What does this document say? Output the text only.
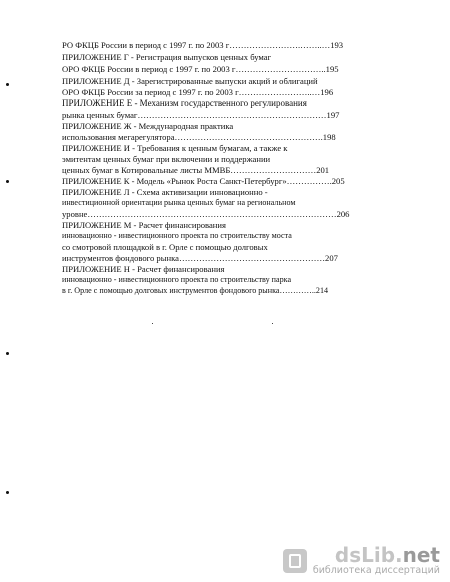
РО ФКЦБ России в период с 1997 г. по 2003 г…………………….……..…193
ПРИЛОЖЕНИЕ Г - Регистрация выпусков ценных бумаг
ОРО ФКЦБ России в период с 1997 г. по 2003 г…………………………..195
ПРИЛОЖЕНИЕ Д - Зарегистрированные выпуски акций и облигаций
ОРО ФКЦБ России за период с 1997 г. по 2003 г……………………..…196
ПРИЛОЖЕНИЕ Е - Механизм государственного регулирования
рынка ценных бумаг…………………………………………………………197
ПРИЛОЖЕНИЕ Ж - Международная практика
использования мегарегулятора…………………………………………….198
ПРИЛОЖЕНИЕ И - Требования к ценным бумагам, а также к
эмитентам ценных бумаг при включении и поддержании
ценных бумаг в Котировальные листы ММВБ…………………………201
ПРИЛОЖЕНИЕ К - Модель «Рынок Роста Санкт-Петербург»…………….205
ПРИЛОЖЕНИЕ Л - Схема активизации инновационно -
инвестиционной ориентации рынка ценных бумаг на региональном
уровне……………………………………………………………………………206
ПРИЛОЖЕНИЕ М - Расчет финансирования
инновационно - инвестиционного проекта по строительству моста
со смотровой площадкой в г. Орле с помощью долговых
инструментов фондового рынка……………………………………………207
ПРИЛОЖЕНИЕ Н - Расчет финансирования
инновационно - инвестиционного проекта по строительству парка
в г. Орле с помощью долговых инструментов фондового рынка…………..214
dsLib.net
библиотека диссертаций
